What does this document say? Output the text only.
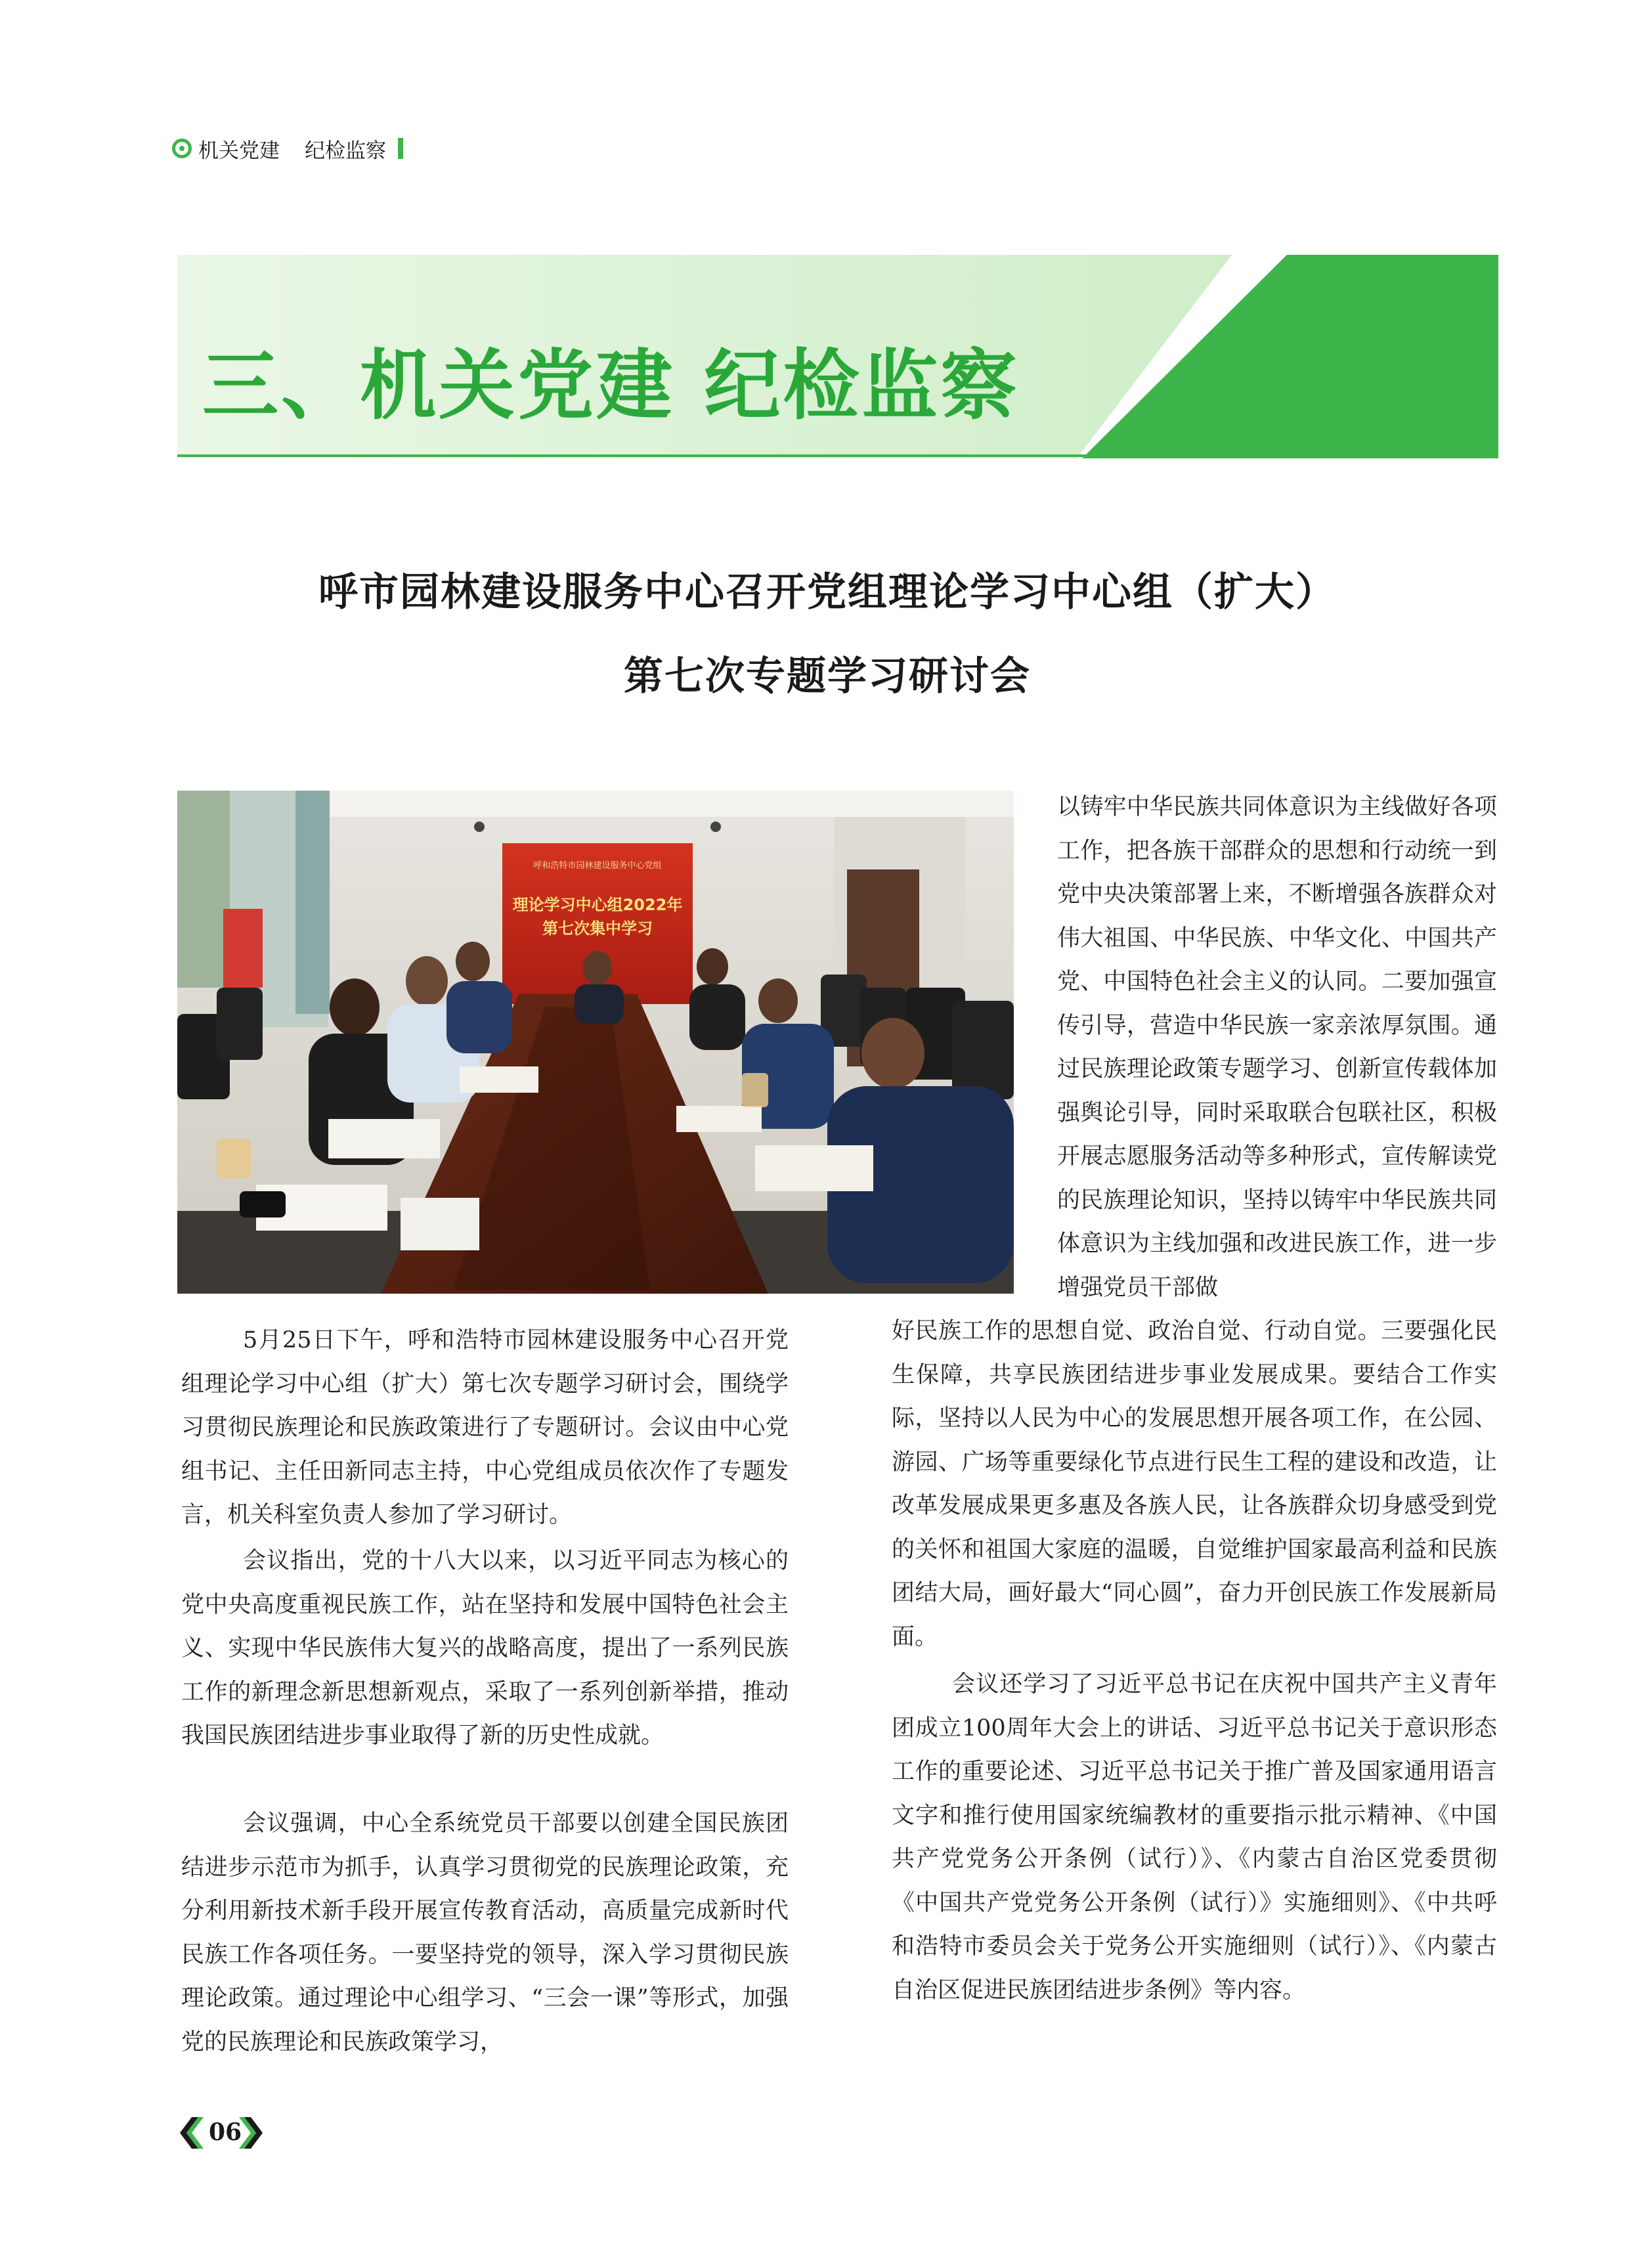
机关党建 纪检监察
三、机关党建 纪检监察
呼市园林建设服务中心召开党组理论学习中心组（扩大）
第七次专题学习研讨会
呼和浩特市园林建设服务中心党组
理论学习中心组2022年
第七次集中学习

5月25日下午，呼和浩特市园林建设服务中心召开党组理论学习中心组（扩大）第七次专题学习研讨会，围绕学习贯彻民族理论和民族政策进行了专题研讨。会议由中心党组书记、主任田新同志主持，中心党组成员依次作了专题发言，机关科室负责人参加了学习研讨。

会议指出，党的十八大以来，以习近平同志为核心的党中央高度重视民族工作，站在坚持和发展中国特色社会主义、实现中华民族伟大复兴的战略高度，提出了一系列民族工作的新理念新思想新观点，采取了一系列创新举措，推动我国民族团结进步事业取得了新的历史性成就。

会议强调，中心全系统党员干部要以创建全国民族团结进步示范市为抓手，认真学习贯彻党的民族理论政策，充分利用新技术新手段开展宣传教育活动，高质量完成新时代民族工作各项任务。一要坚持党的领导，深入学习贯彻民族理论政策。通过理论中心组学习、“三会一课”等形式，加强党的民族理论和民族政策学习，

以铸牢中华民族共同体意识为主线做好各项工作，把各族干部群众的思想和行动统一到党中央决策部署上来，不断增强各族群众对伟大祖国、中华民族、中华文化、中国共产党、中国特色社会主义的认同。二要加强宣传引导，营造中华民族一家亲浓厚氛围。通过民族理论政策专题学习、创新宣传载体加强舆论引导，同时采取联合包联社区，积极开展志愿服务活动等多种形式，宣传解读党的民族理论知识，坚持以铸牢中华民族共同体意识为主线加强和改进民族工作，进一步增强党员干部做

好民族工作的思想自觉、政治自觉、行动自觉。三要强化民生保障，共享民族团结进步事业发展成果。要结合工作实际，坚持以人民为中心的发展思想开展各项工作，在公园、游园、广场等重要绿化节点进行民生工程的建设和改造，让改革发展成果更多惠及各族人民，让各族群众切身感受到党的关怀和祖国大家庭的温暖，自觉维护国家最高利益和民族团结大局，画好最大“同心圆”，奋力开创民族工作发展新局面。

会议还学习了习近平总书记在庆祝中国共产主义青年团成立100周年大会上的讲话、习近平总书记关于意识形态工作的重要论述、习近平总书记关于推广普及国家通用语言文字和推行使用国家统编教材的重要指示批示精神、《中国共产党党务公开条例（试行）》、《内蒙古自治区党委贯彻《中国共产党党务公开条例（试行）》实施细则》、《中共呼和浩特市委员会关于党务公开实施细则（试行）》、《内蒙古自治区促进民族团结进步条例》等内容。

06
